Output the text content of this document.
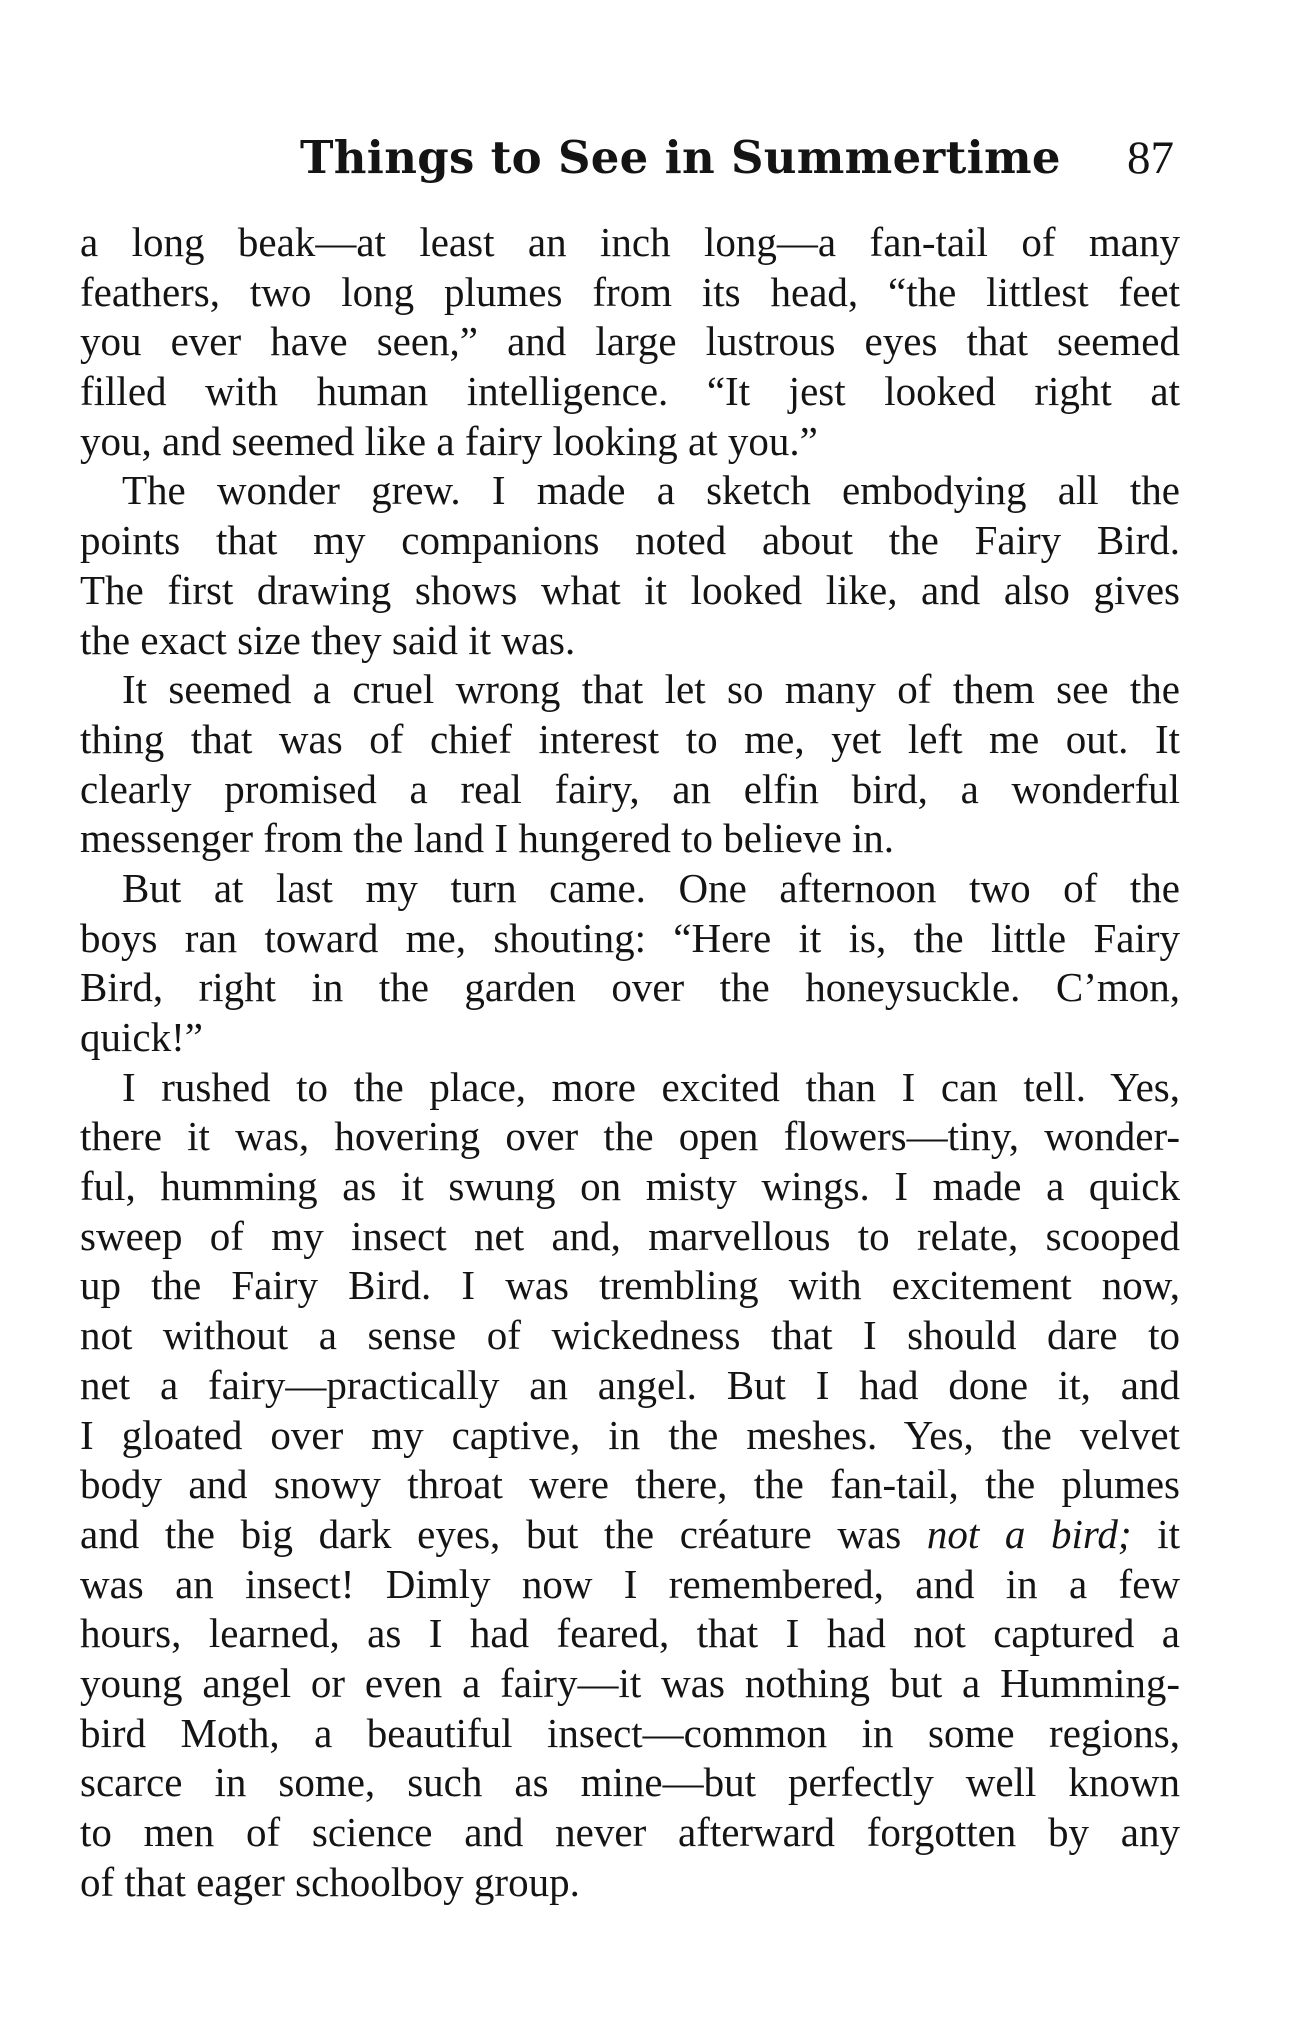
Things to See in Summertime 87
a long beak—at least an inch long—a fan-tail of many
feathers, two long plumes from its head, “the littlest feet
you ever have seen,” and large lustrous eyes that seemed
filled with human intelligence. “It jest looked right at
you, and seemed like a fairy looking at you.”
The wonder grew. I made a sketch embodying all the
points that my companions noted about the Fairy Bird.
The first drawing shows what it looked like, and also gives
the exact size they said it was.
It seemed a cruel wrong that let so many of them see the
thing that was of chief interest to me, yet left me out. It
clearly promised a real fairy, an elfin bird, a wonderful
messenger from the land I hungered to believe in.
But at last my turn came. One afternoon two of the
boys ran toward me, shouting: “Here it is, the little Fairy
Bird, right in the garden over the honeysuckle. C’mon,
quick!”
I rushed to the place, more excited than I can tell. Yes,
there it was, hovering over the open flowers—tiny, wonder-
ful, humming as it swung on misty wings. I made a quick
sweep of my insect net and, marvellous to relate, scooped
up the Fairy Bird. I was trembling with excitement now,
not without a sense of wickedness that I should dare to
net a fairy—practically an angel. But I had done it, and
I gloated over my captive, in the meshes. Yes, the velvet
body and snowy throat were there, the fan-tail, the plumes
and the big dark eyes, but the créature was not a bird; it
was an insect! Dimly now I remembered, and in a few
hours, learned, as I had feared, that I had not captured a
young angel or even a fairy—it was nothing but a Humming-
bird Moth, a beautiful insect—common in some regions,
scarce in some, such as mine—but perfectly well known
to men of science and never afterward forgotten by any
of that eager schoolboy group.
